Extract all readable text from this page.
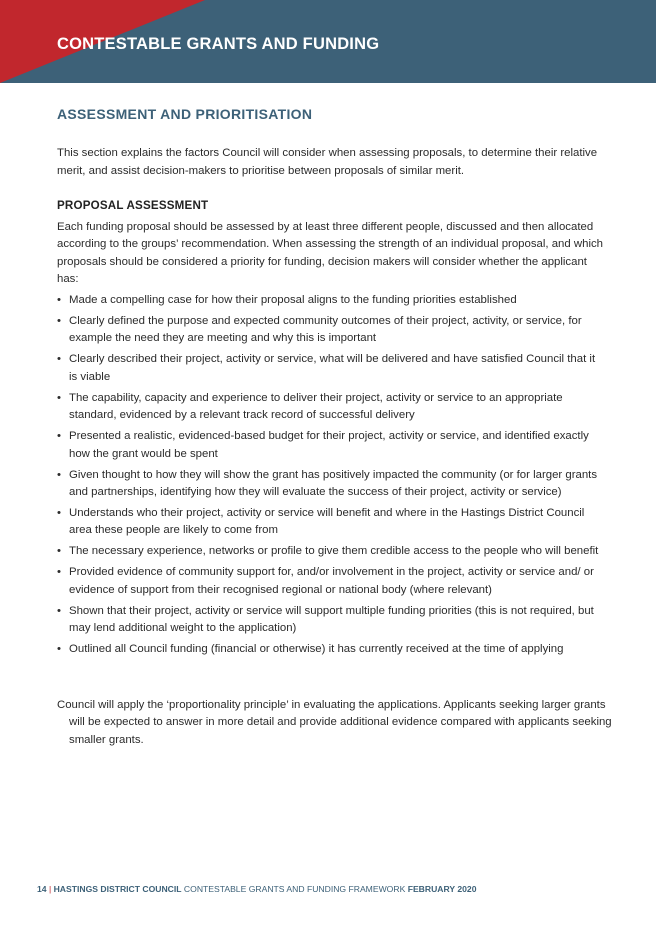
CONTESTABLE GRANTS AND FUNDING
ASSESSMENT AND PRIORITISATION

This section explains the factors Council will consider when assessing proposals, to determine their relative merit, and assist decision-makers to prioritise between proposals of similar merit.

PROPOSAL ASSESSMENT

Each funding proposal should be assessed by at least three different people, discussed and then allocated according to the groups’ recommendation. When assessing the strength of an individual proposal, and which proposals should be considered a priority for funding, decision makers will consider whether the applicant has:

• Made a compelling case for how their proposal aligns to the funding priorities established
• Clearly defined the purpose and expected community outcomes of their project, activity, or service, for example the need they are meeting and why this is important
• Clearly described their project, activity or service, what will be delivered and have satisfied Council that it is viable
• The capability, capacity and experience to deliver their project, activity or service to an appropriate standard, evidenced by a relevant track record of successful delivery
• Presented a realistic, evidenced-based budget for their project, activity or service, and identified exactly how the grant would be spent
• Given thought to how they will show the grant has positively impacted the community (or for larger grants and partnerships, identifying how they will evaluate the success of their project, activity or service)
• Understands who their project, activity or service will benefit and where in the Hastings District Council area these people are likely to come from
• The necessary experience, networks or profile to give them credible access to the people who will benefit
• Provided evidence of community support for, and/or involvement in the project, activity or service and/ or evidence of support from their recognised regional or national body (where relevant)
• Shown that their project, activity or service will support multiple funding priorities (this is not required, but may lend additional weight to the application)
• Outlined all Council funding (financial or otherwise) it has currently received at the time of applying

Council will apply the ‘proportionality principle’ in evaluating the applications. Applicants seeking larger grants will be expected to answer in more detail and provide additional evidence compared with applicants seeking smaller grants.

14 | HASTINGS DISTRICT COUNCIL CONTESTABLE GRANTS AND FUNDING FRAMEWORK FEBRUARY 2020
